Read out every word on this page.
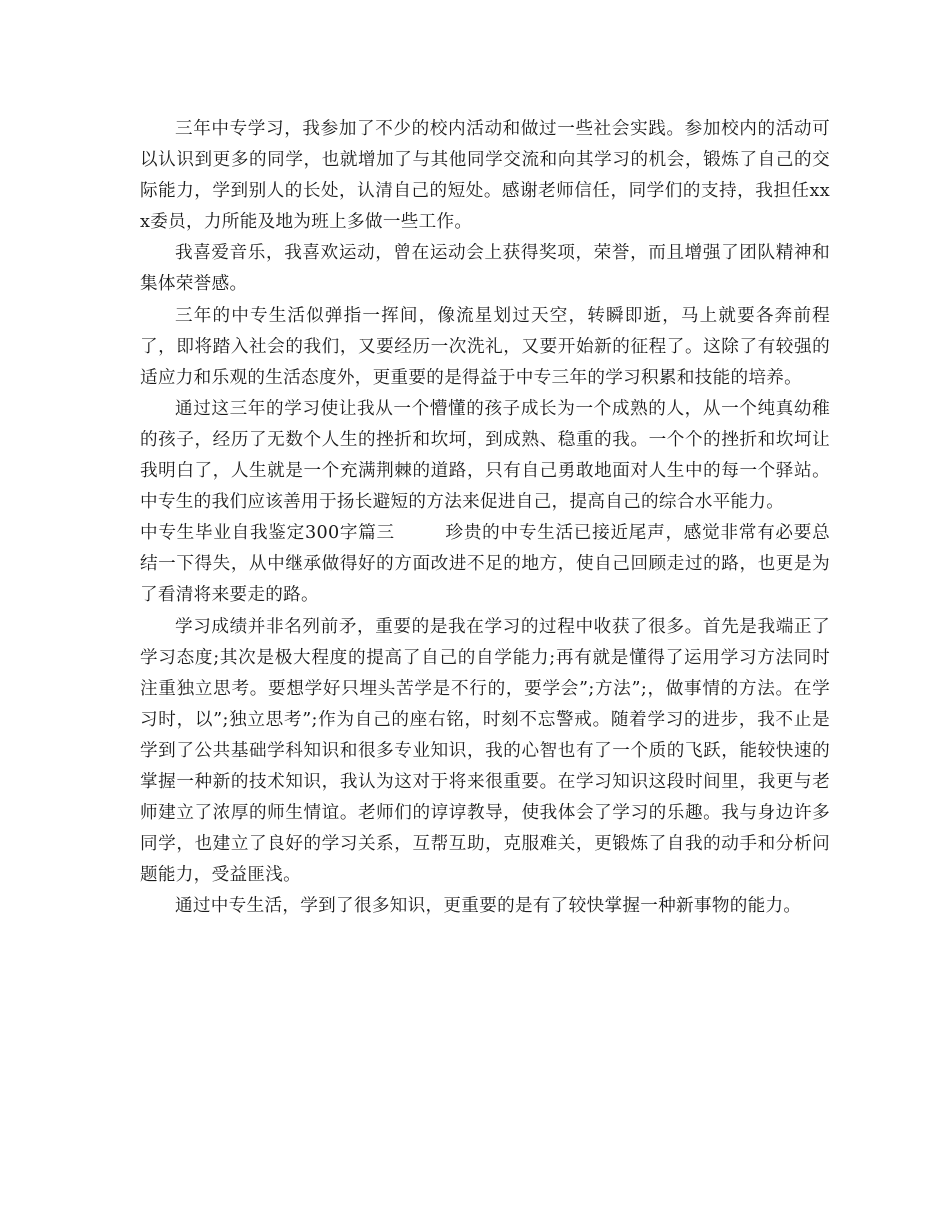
三年中专学习，我参加了不少的校内活动和做过一些社会实践。参加校内的活动可以认识到更多的同学，也就增加了与其他同学交流和向其学习的机会，锻炼了自己的交际能力，学到别人的长处，认清自己的短处。感谢老师信任，同学们的支持，我担任xxx委员，力所能及地为班上多做一些工作。

我喜爱音乐，我喜欢运动，曾在运动会上获得奖项，荣誉，而且增强了团队精神和集体荣誉感。

三年的中专生活似弹指一挥间，像流星划过天空，转瞬即逝，马上就要各奔前程了，即将踏入社会的我们，又要经历一次洗礼，又要开始新的征程了。这除了有较强的适应力和乐观的生活态度外，更重要的是得益于中专三年的学习积累和技能的培养。

通过这三年的学习使让我从一个懵懂的孩子成长为一个成熟的人，从一个纯真幼稚的孩子，经历了无数个人生的挫折和坎坷，到成熟、稳重的我。一个个的挫折和坎坷让我明白了，人生就是一个充满荆棘的道路，只有自己勇敢地面对人生中的每一个驿站。中专生的我们应该善用于扬长避短的方法来促进自己，提高自己的综合水平能力。

中专生毕业自我鉴定300字篇三	珍贵的中专生活已接近尾声，感觉非常有必要总结一下得失，从中继承做得好的方面改进不足的地方，使自己回顾走过的路，也更是为了看清将来要走的路。

学习成绩并非名列前矛，重要的是我在学习的过程中收获了很多。首先是我端正了学习态度;其次是极大程度的提高了自己的自学能力;再有就是懂得了运用学习方法同时注重独立思考。要想学好只埋头苦学是不行的，要学会”;方法”;，做事情的方法。在学习时，以”;独立思考”;作为自己的座右铭，时刻不忘警戒。随着学习的进步，我不止是学到了公共基础学科知识和很多专业知识，我的心智也有了一个质的飞跃，能较快速的掌握一种新的技术知识，我认为这对于将来很重要。在学习知识这段时间里，我更与老师建立了浓厚的师生情谊。老师们的谆谆教导，使我体会了学习的乐趣。我与身边许多同学，也建立了良好的学习关系，互帮互助，克服难关，更锻炼了自我的动手和分析问题能力，受益匪浅。

通过中专生活，学到了很多知识，更重要的是有了较快掌握一种新事物的能力。
